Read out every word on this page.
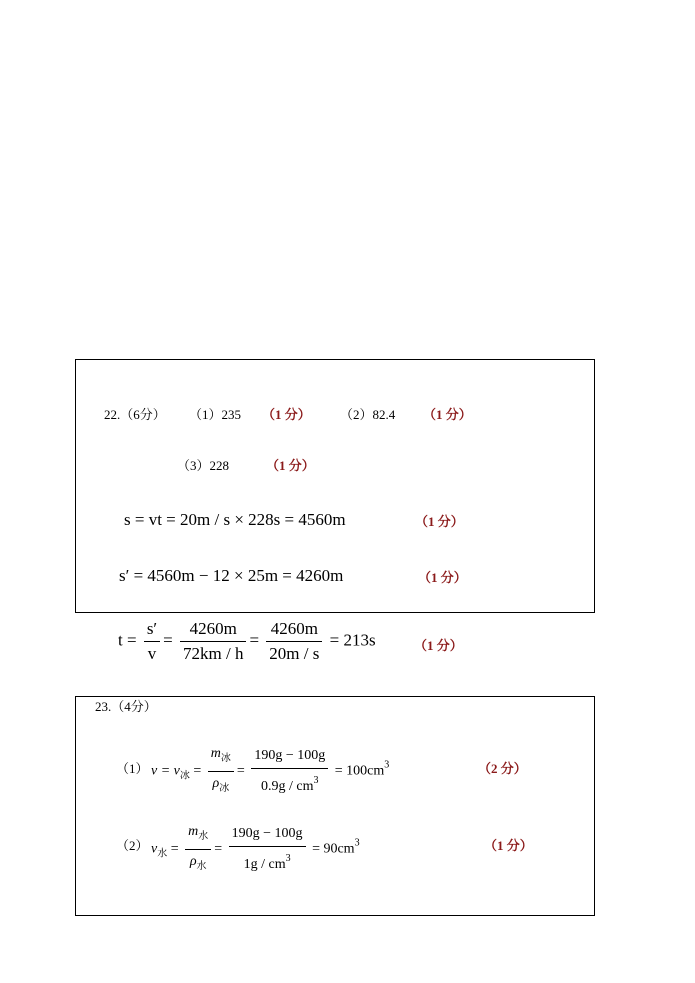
22.（6分） （1）235 （1 分） （2）82.4 （1 分）
（3）228	（1 分）
s = vt = 20m / s × 228s = 4560m	（1 分）
s′ = 4560m − 12 × 25m = 4260m	（1 分）
$t = \frac{s'}{v} = \frac{4260m}{72km / h} = \frac{4260m}{20m / s} = 213s$	（1 分）
23.（4分）
（1） $v = v_冰 = \frac{m_冰}{\rho_冰} = \frac{190g - 100g}{0.9g / cm^3} = 100cm^3$	（2 分）
（2） $v_水 = \frac{m_水}{\rho_水} = \frac{190g - 100g}{1g / cm^3} = 90cm^3$	（1 分）
